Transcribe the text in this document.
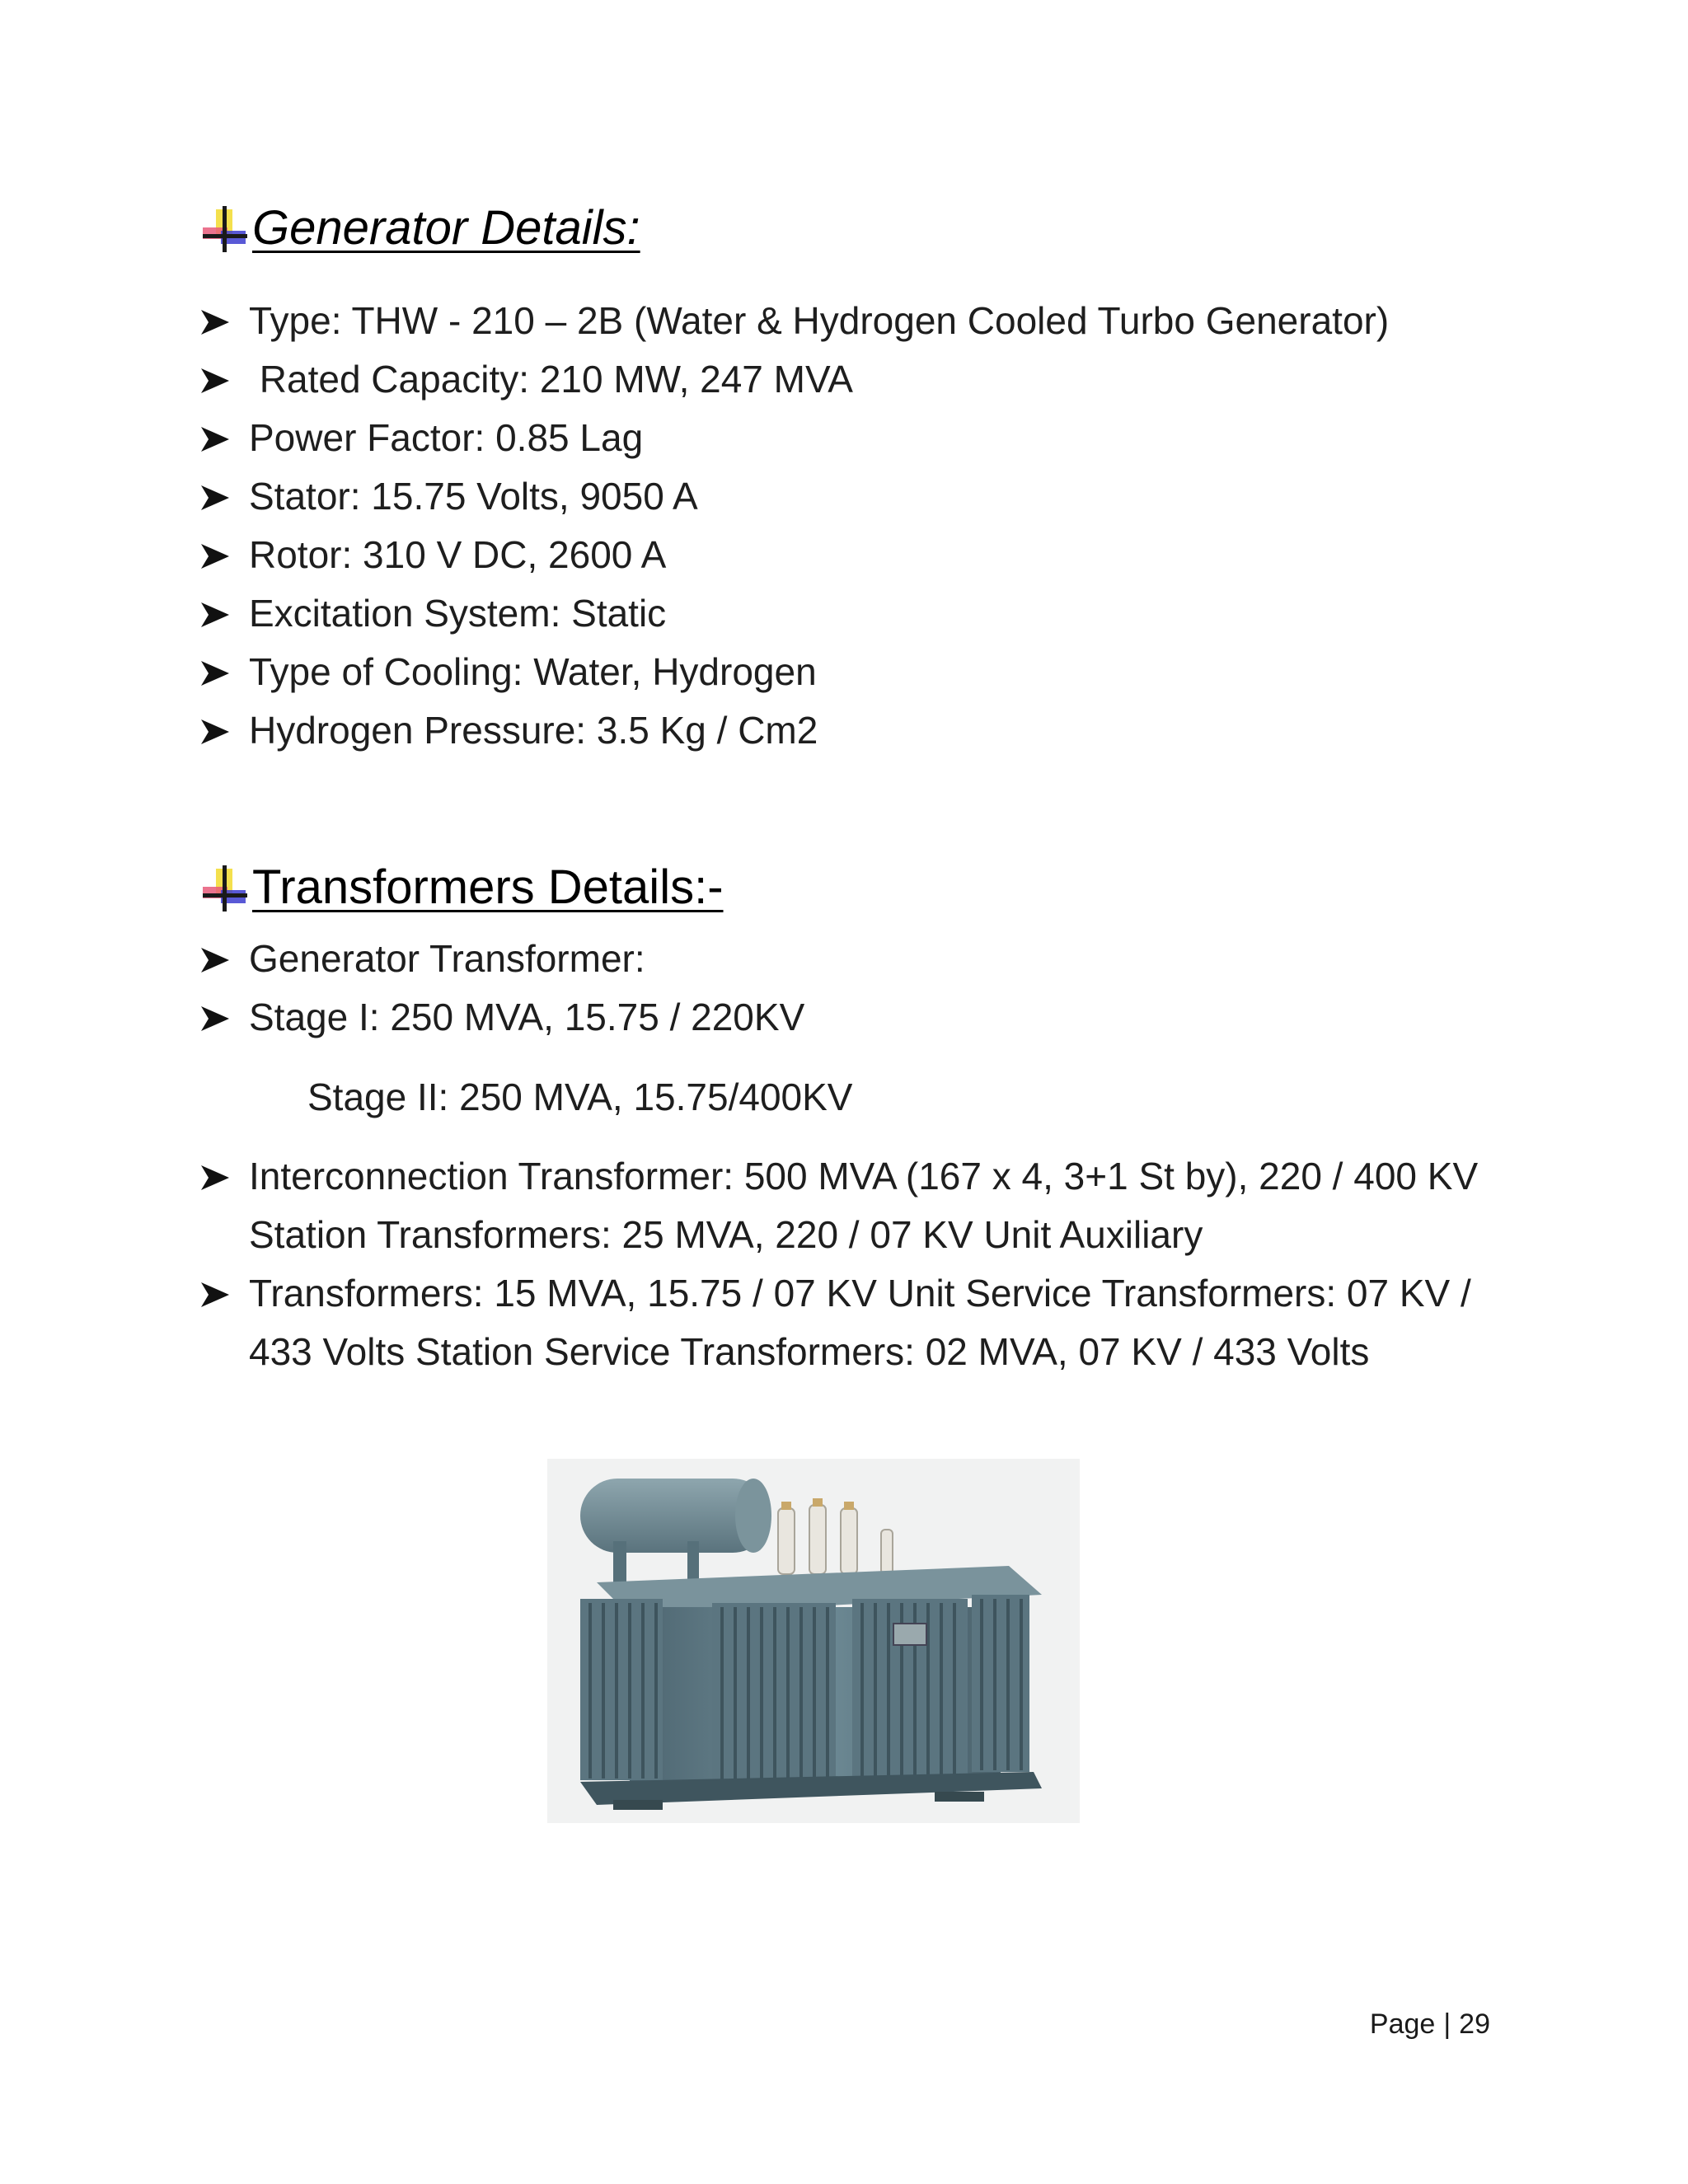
Generator Details:
Type: THW - 210 – 2B (Water & Hydrogen Cooled Turbo Generator)
Rated Capacity: 210 MW, 247 MVA
Power Factor: 0.85 Lag
Stator: 15.75 Volts, 9050 A
Rotor: 310 V DC, 2600 A
Excitation System: Static
Type of Cooling: Water, Hydrogen
Hydrogen Pressure: 3.5 Kg / Cm2
Transformers Details:-
Generator Transformer:
Stage I: 250 MVA, 15.75 / 220KV
Stage II: 250 MVA, 15.75/400KV
Interconnection Transformer: 500 MVA (167 x 4, 3+1 St by), 220 / 400 KV Station Transformers: 25 MVA, 220 / 07 KV Unit Auxiliary
Transformers: 15 MVA, 15.75 / 07 KV Unit Service Transformers: 07 KV / 433 Volts Station Service Transformers: 02 MVA, 07 KV / 433 Volts
Page | 29
